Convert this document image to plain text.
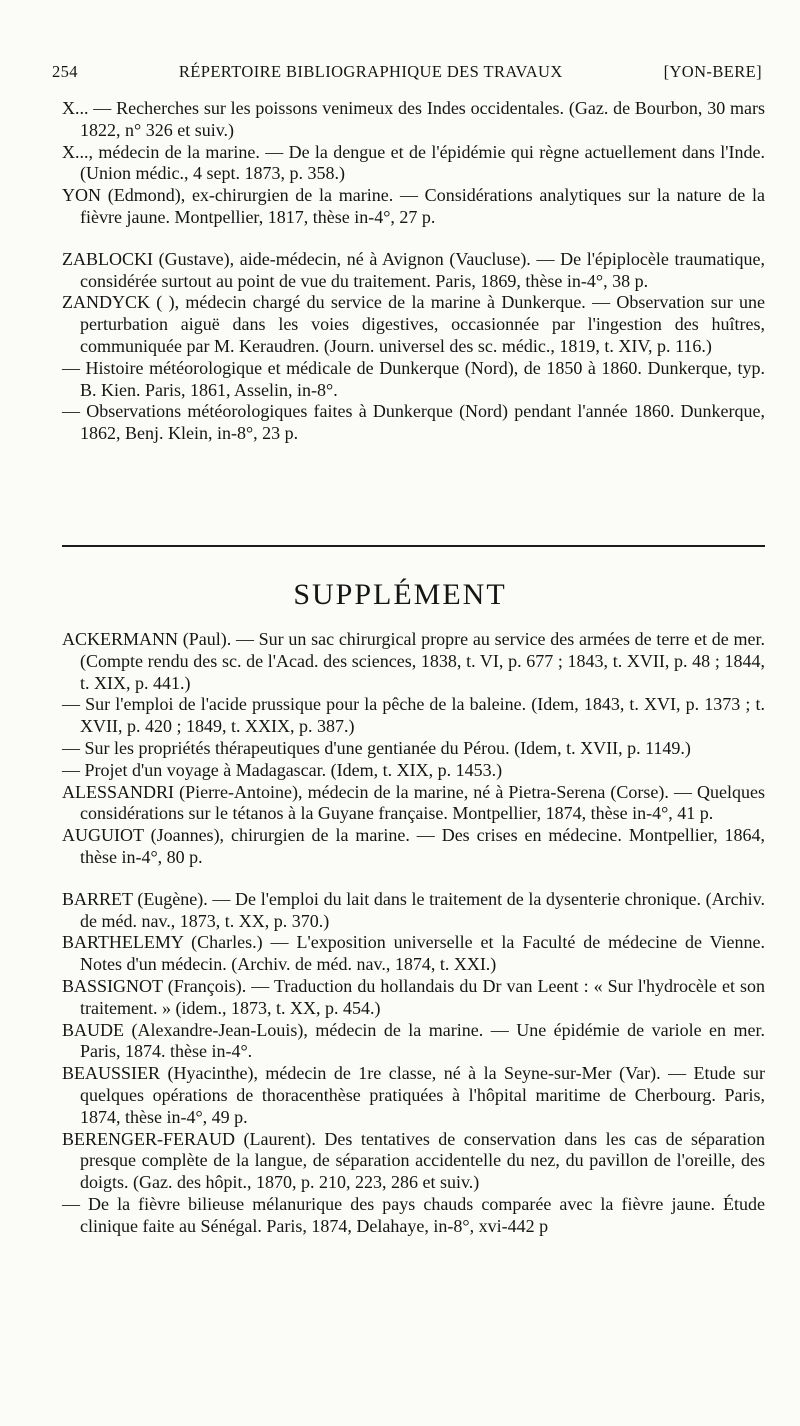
254	RÉPERTOIRE BIBLIOGRAPHIQUE DES TRAVAUX	[YON-BERE]

X... — Recherches sur les poissons venimeux des Indes occidentales. (Gaz. de Bourbon, 30 mars 1822, n° 326 et suiv.)

X..., médecin de la marine. — De la dengue et de l'épidémie qui règne actuellement dans l'Inde. (Union médic., 4 sept. 1873, p. 358.)

YON (Edmond), ex-chirurgien de la marine. — Considérations analytiques sur la nature de la fièvre jaune. Montpellier, 1817, thèse in-4°, 27 p.

ZABLOCKI (Gustave), aide-médecin, né à Avignon (Vaucluse). — De l'épiplocèle traumatique, considérée surtout au point de vue du traitement. Paris, 1869, thèse in-4°, 38 p.

ZANDYCK ( ), médecin chargé du service de la marine à Dunkerque. — Observation sur une perturbation aiguë dans les voies digestives, occasionnée par l'ingestion des huîtres, communiquée par M. Keraudren. (Journ. universel des sc. médic., 1819, t. XIV, p. 116.)

— Histoire météorologique et médicale de Dunkerque (Nord), de 1850 à 1860. Dunkerque, typ. B. Kien. Paris, 1861, Asselin, in-8°.

— Observations météorologiques faites à Dunkerque (Nord) pendant l'année 1860. Dunkerque, 1862, Benj. Klein, in-8°, 23 p.

SUPPLÉMENT

ACKERMANN (Paul). — Sur un sac chirurgical propre au service des armées de terre et de mer. (Compte rendu des sc. de l'Acad. des sciences, 1838, t. VI, p. 677 ; 1843, t. XVII, p. 48 ; 1844, t. XIX, p. 441.)

— Sur l'emploi de l'acide prussique pour la pêche de la baleine. (Idem, 1843, t. XVI, p. 1373 ; t. XVII, p. 420 ; 1849, t. XXIX, p. 387.)

— Sur les propriétés thérapeutiques d'une gentianée du Pérou. (Idem, t. XVII, p. 1149.)

— Projet d'un voyage à Madagascar. (Idem, t. XIX, p. 1453.)

ALESSANDRI (Pierre-Antoine), médecin de la marine, né à Pietra-Serena (Corse). — Quelques considérations sur le tétanos à la Guyane française. Montpellier, 1874, thèse in-4°, 41 p.

AUGUIOT (Joannes), chirurgien de la marine. — Des crises en médecine. Montpellier, 1864, thèse in-4°, 80 p.

BARRET (Eugène). — De l'emploi du lait dans le traitement de la dysenterie chronique. (Archiv. de méd. nav., 1873, t. XX, p. 370.)

BARTHELEMY (Charles.) — L'exposition universelle et la Faculté de médecine de Vienne. Notes d'un médecin. (Archiv. de méd. nav., 1874, t. XXI.)

BASSIGNOT (François). — Traduction du hollandais du Dr van Leent : « Sur l'hydrocèle et son traitement. » (idem., 1873, t. XX, p. 454.)

BAUDE (Alexandre-Jean-Louis), médecin de la marine. — Une épidémie de variole en mer. Paris, 1874. thèse in-4°.

BEAUSSIER (Hyacinthe), médecin de 1re classe, né à la Seyne-sur-Mer (Var). — Etude sur quelques opérations de thoracenthèse pratiquées à l'hôpital maritime de Cherbourg. Paris, 1874, thèse in-4°, 49 p.

BERENGER-FERAUD (Laurent). Des tentatives de conservation dans les cas de séparation presque complète de la langue, de séparation accidentelle du nez, du pavillon de l'oreille, des doigts. (Gaz. des hôpit., 1870, p. 210, 223, 286 et suiv.)

— De la fièvre bilieuse mélanurique des pays chauds comparée avec la fièvre jaune. Étude clinique faite au Sénégal. Paris, 1874, Delahaye, in-8°, xvi-442 p
